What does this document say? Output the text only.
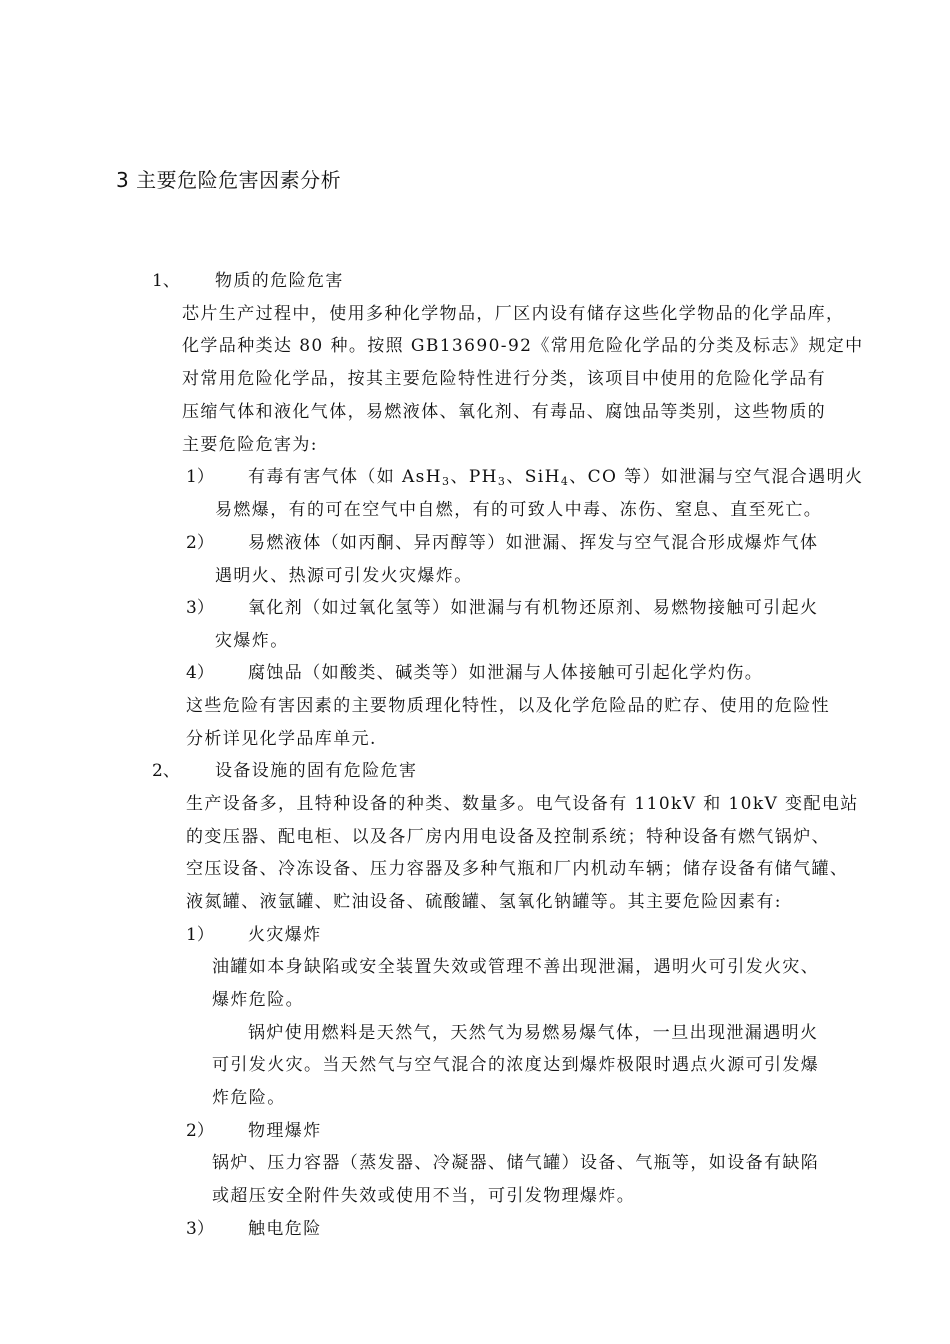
3 主要危险危害因素分析
1、 物质的危险危害
芯片生产过程中，使用多种化学物品，厂区内设有储存这些化学物品的化学品库，
化学品种类达 80 种。按照 GB13690-92《常用危险化学品的分类及标志》规定中
对常用危险化学品，按其主要危险特性进行分类，该项目中使用的危险化学品有
压缩气体和液化气体，易燃液体、氧化剂、有毒品、腐蚀品等类别，这些物质的
主要危险危害为:
1） 有毒有害气体（如 AsH$_3$、$PH_3$、SiH$_4$、CO 等）如泄漏与空气混合遇明火
易燃爆，有的可在空气中自燃，有的可致人中毒、冻伤、窒息、直至死亡。
2） 易燃液体（如丙酮、异丙醇等）如泄漏、挥发与空气混合形成爆炸气体
遇明火、热源可引发火灾爆炸。
3） 氧化剂（如过氧化氢等）如泄漏与有机物还原剂、易燃物接触可引起火
灾爆炸。
4） 腐蚀品（如酸类、碱类等）如泄漏与人体接触可引起化学灼伤。
这些危险有害因素的主要物质理化特性，以及化学危险品的贮存、使用的危险性
分析详见化学品库单元.
2、 设备设施的固有危险危害
生产设备多，且特种设备的种类、数量多。电气设备有 110kV 和 10kV 变配电站
的变压器、配电柜、以及各厂房内用电设备及控制系统；特种设备有燃气锅炉、
空压设备、冷冻设备、压力容器及多种气瓶和厂内机动车辆；储存设备有储气罐、
液氮罐、液氩罐、贮油设备、硫酸罐、氢氧化钠罐等。其主要危险因素有:
1） 火灾爆炸
油罐如本身缺陷或安全装置失效或管理不善出现泄漏，遇明火可引发火灾、
爆炸危险。
锅炉使用燃料是天然气，天然气为易燃易爆气体，一旦出现泄漏遇明火
可引发火灾。当天然气与空气混合的浓度达到爆炸极限时遇点火源可引发爆
炸危险。
2） 物理爆炸
锅炉、压力容器（蒸发器、冷凝器、储气罐）设备、气瓶等，如设备有缺陷
或超压安全附件失效或使用不当，可引发物理爆炸。
3） 触电危险
